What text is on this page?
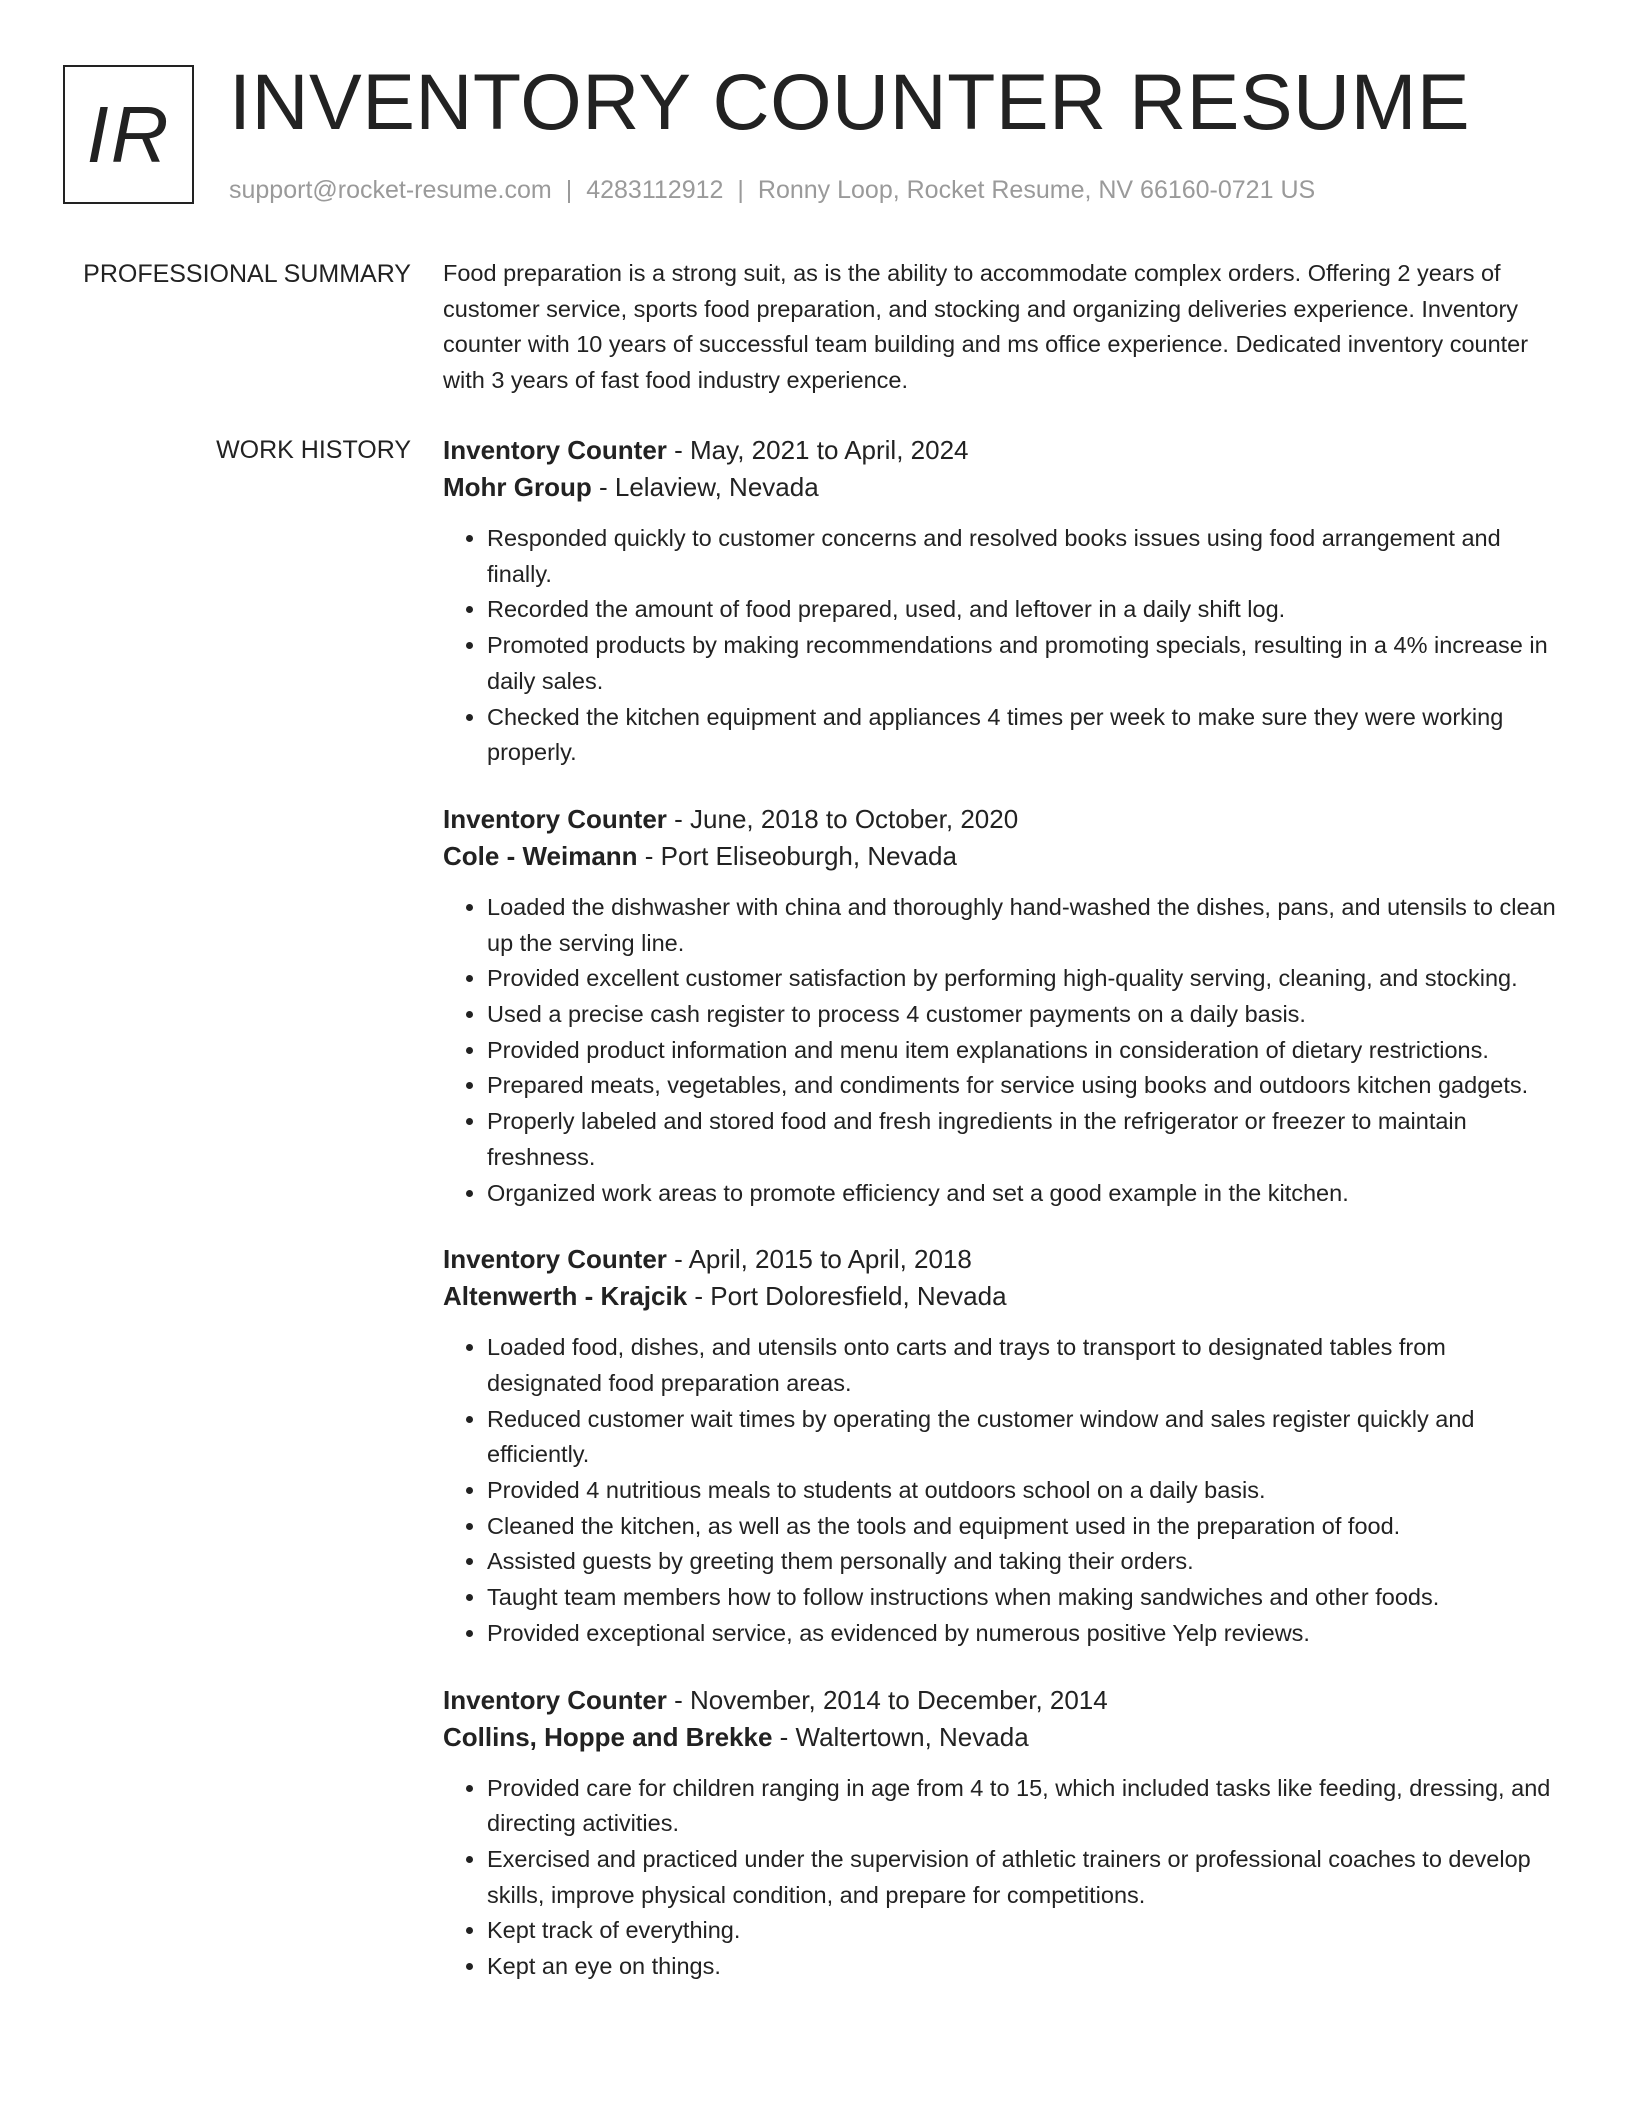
IR INVENTORY COUNTER RESUME
support@rocket-resume.com | 4283112912 | Ronny Loop, Rocket Resume, NV 66160-0721 US
PROFESSIONAL SUMMARY Food preparation is a strong suit, as is the ability to accommodate complex orders. Offering 2 years of customer service, sports food preparation, and stocking and organizing deliveries experience. Inventory counter with 10 years of successful team building and ms office experience. Dedicated inventory counter with 3 years of fast food industry experience.

WORK HISTORY Inventory Counter - May, 2021 to April, 2024

Mohr Group - Lelaview, Nevada

• Responded quickly to customer concerns and resolved books issues using food arrangement and finally.
• Recorded the amount of food prepared, used, and leftover in a daily shift log.
• Promoted products by making recommendations and promoting specials, resulting in a 4% increase in daily sales.
• Checked the kitchen equipment and appliances 4 times per week to make sure they were working properly.

Inventory Counter - June, 2018 to October, 2020

Cole - Weimann - Port Eliseoburgh, Nevada

• Loaded the dishwasher with china and thoroughly hand-washed the dishes, pans, and utensils to clean up the serving line.
• Provided excellent customer satisfaction by performing high-quality serving, cleaning, and stocking.
• Used a precise cash register to process 4 customer payments on a daily basis.
• Provided product information and menu item explanations in consideration of dietary restrictions.
• Prepared meats, vegetables, and condiments for service using books and outdoors kitchen gadgets.
• Properly labeled and stored food and fresh ingredients in the refrigerator or freezer to maintain freshness.
• Organized work areas to promote efficiency and set a good example in the kitchen.

Inventory Counter - April, 2015 to April, 2018

Altenwerth - Krajcik - Port Doloresfield, Nevada

• Loaded food, dishes, and utensils onto carts and trays to transport to designated tables from designated food preparation areas.
• Reduced customer wait times by operating the customer window and sales register quickly and efficiently.
• Provided 4 nutritious meals to students at outdoors school on a daily basis.
• Cleaned the kitchen, as well as the tools and equipment used in the preparation of food.
• Assisted guests by greeting them personally and taking their orders.
• Taught team members how to follow instructions when making sandwiches and other foods.
• Provided exceptional service, as evidenced by numerous positive Yelp reviews.

Inventory Counter - November, 2014 to December, 2014

Collins, Hoppe and Brekke - Waltertown, Nevada

• Provided care for children ranging in age from 4 to 15, which included tasks like feeding, dressing, and directing activities.
• Exercised and practiced under the supervision of athletic trainers or professional coaches to develop skills, improve physical condition, and prepare for competitions.
• Kept track of everything.
• Kept an eye on things.
